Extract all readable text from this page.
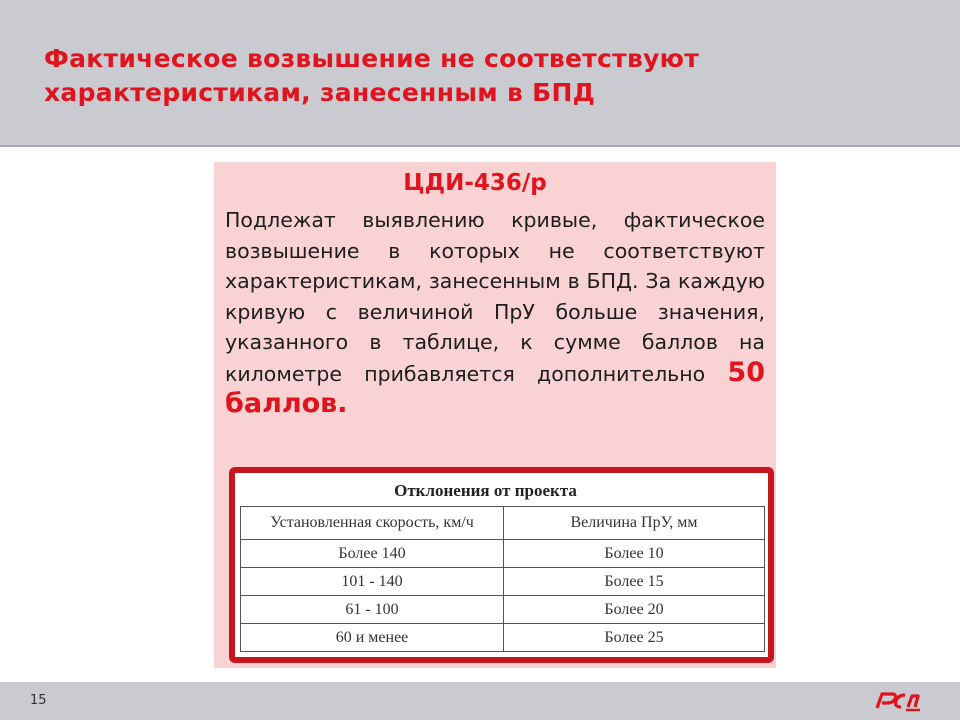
Фактическое возвышение не соответствуют
характеристикам, занесенным в БПД
ЦДИ-436/р
Подлежат выявлению кривые, фактическое возвышение в которых не соответствуют характеристикам, занесенным в БПД. За каждую кривую с величиной ПрУ больше значения, указанного в таблице, к сумме баллов на километре прибавляется дополнительно 50 баллов.
Отклонения от проекта
Установленная скорость, км/ч	Величина ПрУ, мм
Более 140	Более 10
101 - 140	Более 15
61 - 100	Более 20
60 и менее	Более 25
15
